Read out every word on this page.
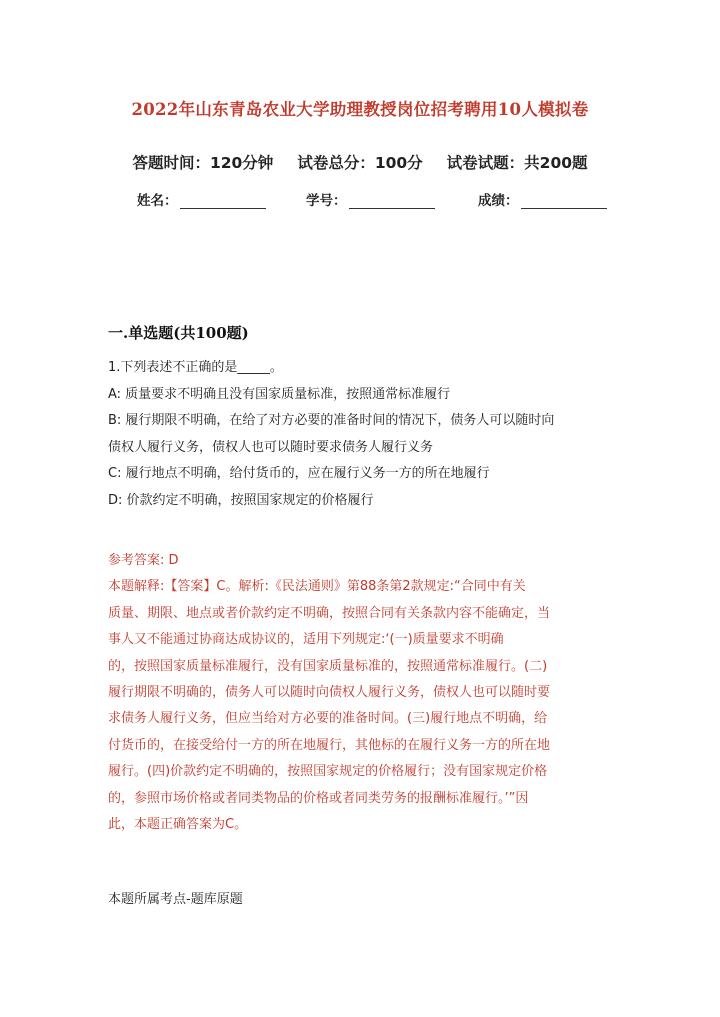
2022年山东青岛农业大学助理教授岗位招考聘用10人模拟卷
答题时间：120分钟 试卷总分：100分 试卷试题：共200题
姓名：	学号：	成绩：
一.单选题(共100题)

1.下列表述不正确的是_____。

A: 质量要求不明确且没有国家质量标准，按照通常标准履行

B: 履行期限不明确，在给了对方必要的准备时间的情况下，债务人可以随时向

债权人履行义务，债权人也可以随时要求债务人履行义务

C: 履行地点不明确，给付货币的，应在履行义务一方的所在地履行

D: 价款约定不明确，按照国家规定的价格履行

参考答案: D

本题解释:【答案】C。解析:《民法通则》第88条第2款规定:“合同中有关

质量、期限、地点或者价款约定不明确，按照合同有关条款内容不能确定，当

事人又不能通过协商达成协议的，适用下列规定:‘(一)质量要求不明确

的，按照国家质量标准履行，没有国家质量标准的，按照通常标准履行。(二)

履行期限不明确的，债务人可以随时向债权人履行义务，债权人也可以随时要

求债务人履行义务，但应当给对方必要的准备时间。(三)履行地点不明确，给

付货币的，在接受给付一方的所在地履行，其他标的在履行义务一方的所在地

履行。(四)价款约定不明确的，按照国家规定的价格履行；没有国家规定价格

的，参照市场价格或者同类物品的价格或者同类劳务的报酬标准履行。’”因

此，本题正确答案为C。

本题所属考点-题库原题
